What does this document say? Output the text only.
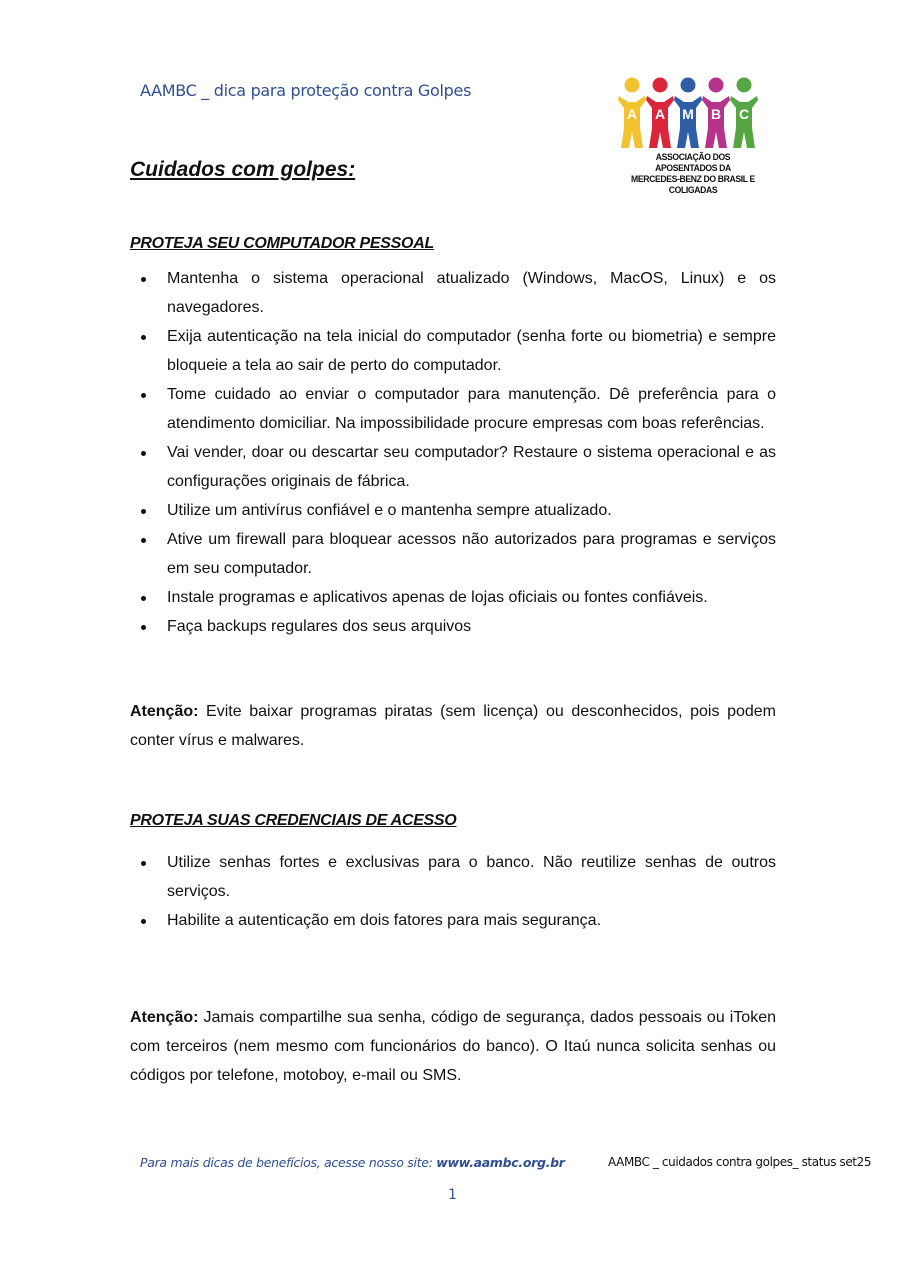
AAMBC _ dica para proteção contra Golpes
A A M B C
ASSOCIAÇÃO DOS APOSENTADOS DA
MERCEDES-BENZ DO BRASIL E COLIGADAS
Cuidados com golpes:
PROTEJA SEU COMPUTADOR PESSOAL
Mantenha o sistema operacional atualizado (Windows, MacOS, Linux) e os navegadores.
Exija autenticação na tela inicial do computador (senha forte ou biometria) e sempre bloqueie a tela ao sair de perto do computador.
Tome cuidado ao enviar o computador para manutenção. Dê preferência para o atendimento domiciliar. Na impossibilidade procure empresas com boas referências.
Vai vender, doar ou descartar seu computador? Restaure o sistema operacional e as configurações originais de fábrica.
Utilize um antivírus confiável e o mantenha sempre atualizado.
Ative um firewall para bloquear acessos não autorizados para programas e serviços em seu computador.
Instale programas e aplicativos apenas de lojas oficiais ou fontes confiáveis.
Faça backups regulares dos seus arquivos

Atenção: Evite baixar programas piratas (sem licença) ou desconhecidos, pois podem conter vírus e malwares.

PROTEJA SUAS CREDENCIAIS DE ACESSO
Utilize senhas fortes e exclusivas para o banco. Não reutilize senhas de outros serviços.
Habilite a autenticação em dois fatores para mais segurança.

Atenção: Jamais compartilhe sua senha, código de segurança, dados pessoais ou iToken com terceiros (nem mesmo com funcionários do banco). O Itaú nunca solicita senhas ou códigos por telefone, motoboy, e-mail ou SMS.

Para mais dicas de benefícios, acesse nosso site: www.aambc.org.br	AAMBC _ cuidados contra golpes_ status set25
1
